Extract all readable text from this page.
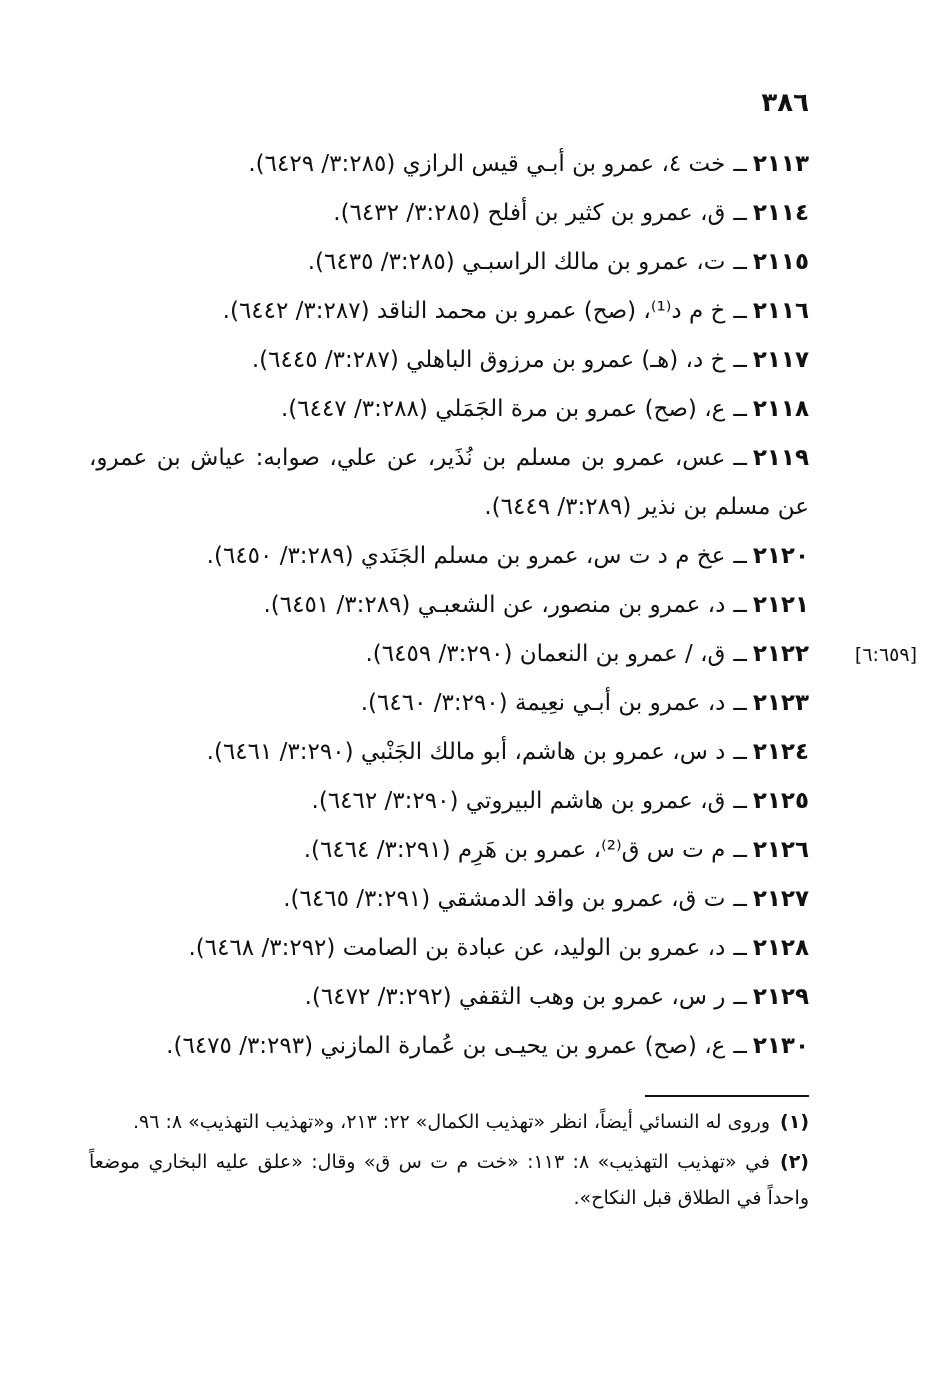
٣٨٦
[٦:٦٥٩]
٢١١٣ــخت ٤، عمرو بن أبـي قيس الرازي (٣:٢٨٥/ ٦٤٢٩).
٢١١٤ــق، عمرو بن كثير بن أفلح (٣:٢٨٥/ ٦٤٣٢).
٢١١٥ــت، عمرو بن مالك الراسبـي (٣:٢٨٥/ ٦٤٣٥).
٢١١٦ــخ م د⁽¹⁾، (صح) عمرو بن محمد الناقد (٣:٢٨٧/ ٦٤٤٢).
٢١١٧ــخ د، (هـ) عمرو بن مرزوق الباهلي (٣:٢٨٧/ ٦٤٤٥).
٢١١٨ــع، (صح) عمرو بن مرة الجَمَلي (٣:٢٨٨/ ٦٤٤٧).
٢١١٩ــعس، عمرو بن مسلم بن نُذَير، عن علي، صوابه: عياش بن عمرو، عن مسلم بن نذير (٣:٢٨٩/ ٦٤٤٩).
٢١٢٠ــعخ م د ت س، عمرو بن مسلم الجَنَدي (٣:٢٨٩/ ٦٤٥٠).
٢١٢١ــد، عمرو بن منصور، عن الشعبـي (٣:٢٨٩/ ٦٤٥١).
٢١٢٢ــق، / عمرو بن النعمان (٣:٢٩٠/ ٦٤٥٩).
٢١٢٣ــد، عمرو بن أبـي نعِيمة (٣:٢٩٠/ ٦٤٦٠).
٢١٢٤ــد س، عمرو بن هاشم، أبو مالك الجَنْبي (٣:٢٩٠/ ٦٤٦١).
٢١٢٥ــق، عمرو بن هاشم البيروتي (٣:٢٩٠/ ٦٤٦٢).
٢١٢٦ــم ت س ق⁽²⁾، عمرو بن هَرِم (٣:٢٩١/ ٦٤٦٤).
٢١٢٧ــت ق، عمرو بن واقد الدمشقي (٣:٢٩١/ ٦٤٦٥).
٢١٢٨ــد، عمرو بن الوليد، عن عبادة بن الصامت (٣:٢٩٢/ ٦٤٦٨).
٢١٢٩ــر س، عمرو بن وهب الثقفي (٣:٢٩٢/ ٦٤٧٢).
٢١٣٠ــع، (صح) عمرو بن يحيـى بن عُمارة المازني (٣:٢٩٣/ ٦٤٧٥).
(١)وروى له النسائي أيضاً، انظر «تهذيب الكمال» ٢٢: ٢١٣، و«تهذيب التهذيب» ٨: ٩٦.
(٢)في «تهذيب التهذيب» ٨: ١١٣: «خت م ت س ق» وقال: «علق عليه البخاري موضعاً واحداً في الطلاق قبل النكاح».
